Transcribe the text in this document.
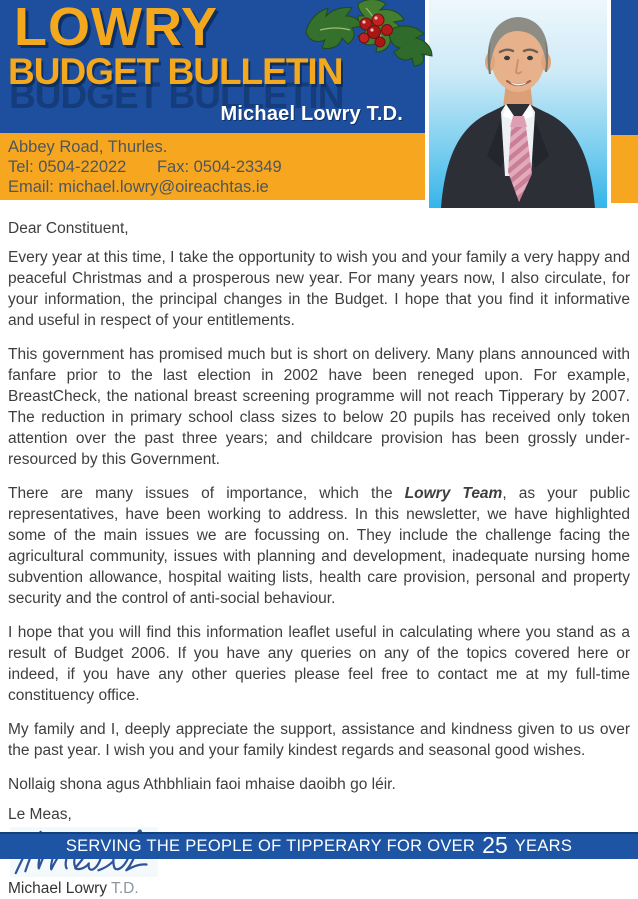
LOWRY
BUDGET BULLETIN
Michael Lowry T.D.
Abbey Road, Thurles.
Tel: 0504-22022 Fax: 0504-23349
Email: michael.lowry@oireachtas.ie

Dear Constituent,

Every year at this time, I take the opportunity to wish you and your family a very happy and peaceful Christmas and a prosperous new year. For many years now, I also circulate, for your information, the principal changes in the Budget. I hope that you find it informative and useful in respect of your entitlements.

This government has promised much but is short on delivery. Many plans announced with fanfare prior to the last election in 2002 have been reneged upon. For example, BreastCheck, the national breast screening programme will not reach Tipperary by 2007. The reduction in primary school class sizes to below 20 pupils has received only token attention over the past three years; and childcare provision has been grossly under-resourced by this Government.

There are many issues of importance, which the Lowry Team, as your public representatives, have been working to address. In this newsletter, we have highlighted some of the main issues we are focussing on. They include the challenge facing the agricultural community, issues with planning and development, inadequate nursing home subvention allowance, hospital waiting lists, health care provision, personal and property security and the control of anti-social behaviour.

I hope that you will find this information leaflet useful in calculating where you stand as a result of Budget 2006. If you have any queries on any of the topics covered here or indeed, if you have any other queries please feel free to contact me at my full-time constituency office.

My family and I, deeply appreciate the support, assistance and kindness given to us over the past year. I wish you and your family kindest regards and seasonal good wishes.

Nollaig shona agus Athbhliain faoi mhaise daoibh go léir.

Le Meas,

Michael Lowry T.D.
SERVING THE PEOPLE OF TIPPERARY FOR OVER 25 YEARS
